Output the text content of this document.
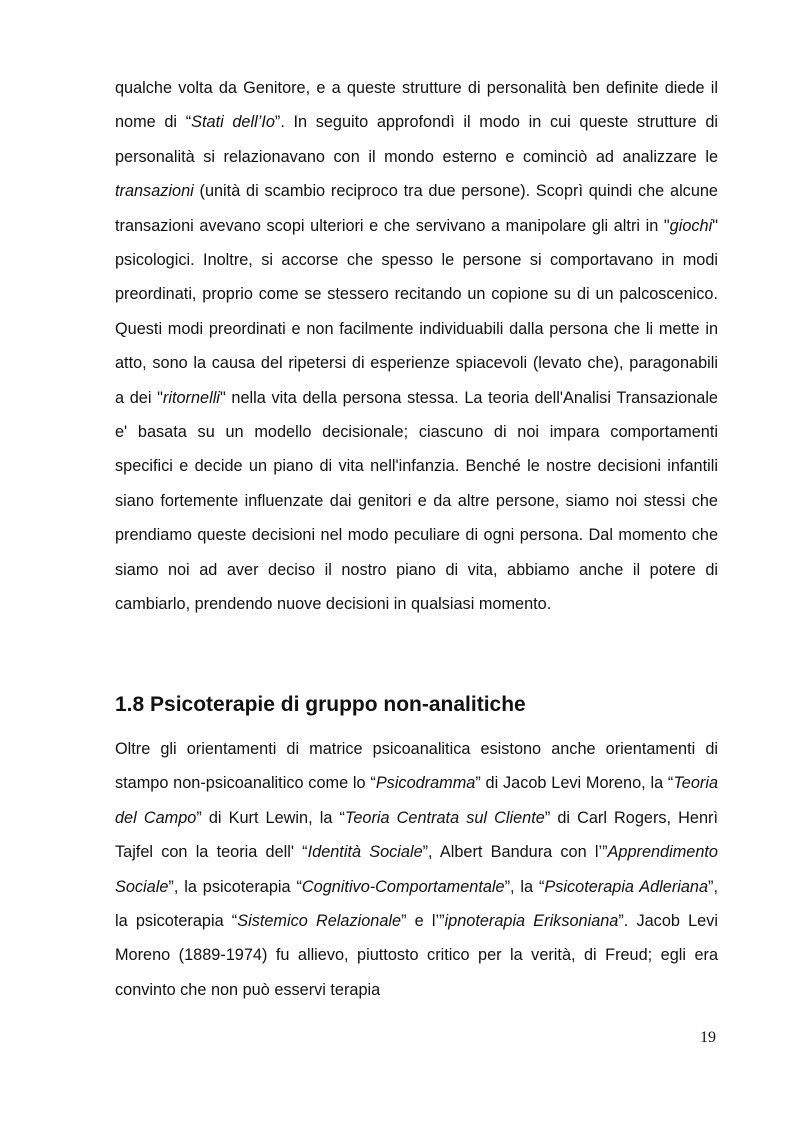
qualche volta da Genitore, e a queste strutture di personalità ben definite diede il nome di “Stati dell’Io”. In seguito approfondì il modo in cui queste strutture di personalità si relazionavano con il mondo esterno e cominciò ad analizzare le transazioni (unità di scambio reciproco tra due persone). Scoprì quindi che alcune transazioni avevano scopi ulteriori e che servivano a manipolare gli altri in "giochi" psicologici. Inoltre, si accorse che spesso le persone si comportavano in modi preordinati, proprio come se stessero recitando un copione su di un palcoscenico. Questi modi preordinati e non facilmente individuabili dalla persona che li mette in atto, sono la causa del ripetersi di esperienze spiacevoli (levato che), paragonabili a dei "ritornelli" nella vita della persona stessa. La teoria dell'Analisi Transazionale e' basata su un modello decisionale; ciascuno di noi impara comportamenti specifici e decide un piano di vita nell'infanzia. Benché le nostre decisioni infantili siano fortemente influenzate dai genitori e da altre persone, siamo noi stessi che prendiamo queste decisioni nel modo peculiare di ogni persona. Dal momento che siamo noi ad aver deciso il nostro piano di vita, abbiamo anche il potere di cambiarlo, prendendo nuove decisioni in qualsiasi momento.

1.8 Psicoterapie di gruppo non-analitiche

Oltre gli orientamenti di matrice psicoanalitica esistono anche orientamenti di stampo non-psicoanalitico come lo “Psicodramma” di Jacob Levi Moreno, la “Teoria del Campo” di Kurt Lewin, la “Teoria Centrata sul Cliente” di Carl Rogers, Henrì Tajfel con la teoria dell' “Identità Sociale”, Albert Bandura con l’”Apprendimento Sociale”, la psicoterapia “Cognitivo-Comportamentale”, la “Psicoterapia Adleriana”, la psicoterapia “Sistemico Relazionale” e l’”ipnoterapia Eriksoniana”. Jacob Levi Moreno (1889-1974) fu allievo, piuttosto critico per la verità, di Freud; egli era convinto che non può esservi terapia

19
